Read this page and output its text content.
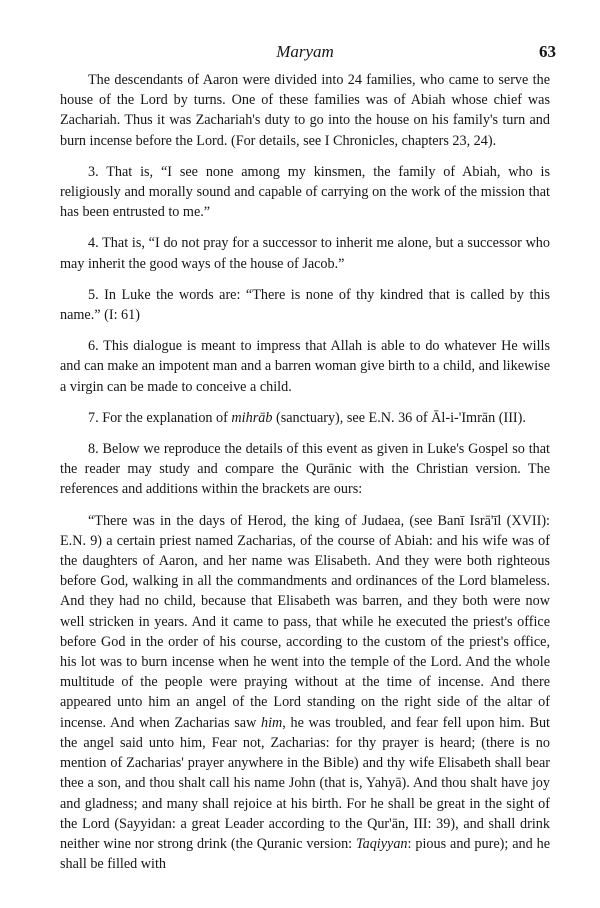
Maryam	63

The descendants of Aaron were divided into 24 families, who came to serve the house of the Lord by turns. One of these families was of Abiah whose chief was Zachariah. Thus it was Zachariah's duty to go into the house on his family's turn and burn incense before the Lord. (For details, see I Chronicles, chapters 23, 24).

3. That is, “I see none among my kinsmen, the family of Abiah, who is religiously and morally sound and capable of carrying on the work of the mission that has been entrusted to me.”

4. That is, “I do not pray for a successor to inherit me alone, but a successor who may inherit the good ways of the house of Jacob.”

5. In Luke the words are: “There is none of thy kindred that is called by this name.” (I: 61)

6. This dialogue is meant to impress that Allah is able to do whatever He wills and can make an impotent man and a barren woman give birth to a child, and likewise a virgin can be made to conceive a child.

7. For the explanation of mihrāb (sanctuary), see E.N. 36 of Āl-i-'Imrān (III).

8. Below we reproduce the details of this event as given in Luke's Gospel so that the reader may study and compare the Qurānic with the Christian version. The references and additions within the brackets are ours:

“There was in the days of Herod, the king of Judaea, (see Banī Isrā'īl (XVII): E.N. 9) a certain priest named Zacharias, of the course of Abiah: and his wife was of the daughters of Aaron, and her name was Elisabeth. And they were both righteous before God, walking in all the commandments and ordinances of the Lord blameless. And they had no child, because that Elisabeth was barren, and they both were now well stricken in years. And it came to pass, that while he executed the priest's office before God in the order of his course, according to the custom of the priest's office, his lot was to burn incense when he went into the temple of the Lord. And the whole multitude of the people were praying without at the time of incense. And there appeared unto him an angel of the Lord standing on the right side of the altar of incense. And when Zacharias saw him, he was troubled, and fear fell upon him. But the angel said unto him, Fear not, Zacharias: for thy prayer is heard; (there is no mention of Zacharias' prayer anywhere in the Bible) and thy wife Elisabeth shall bear thee a son, and thou shalt call his name John (that is, Yahyā). And thou shalt have joy and gladness; and many shall rejoice at his birth. For he shall be great in the sight of the Lord (Sayyidan: a great Leader according to the Qur'ān, III: 39), and shall drink neither wine nor strong drink (the Quranic version: Taqiyyan: pious and pure); and he shall be filled with
